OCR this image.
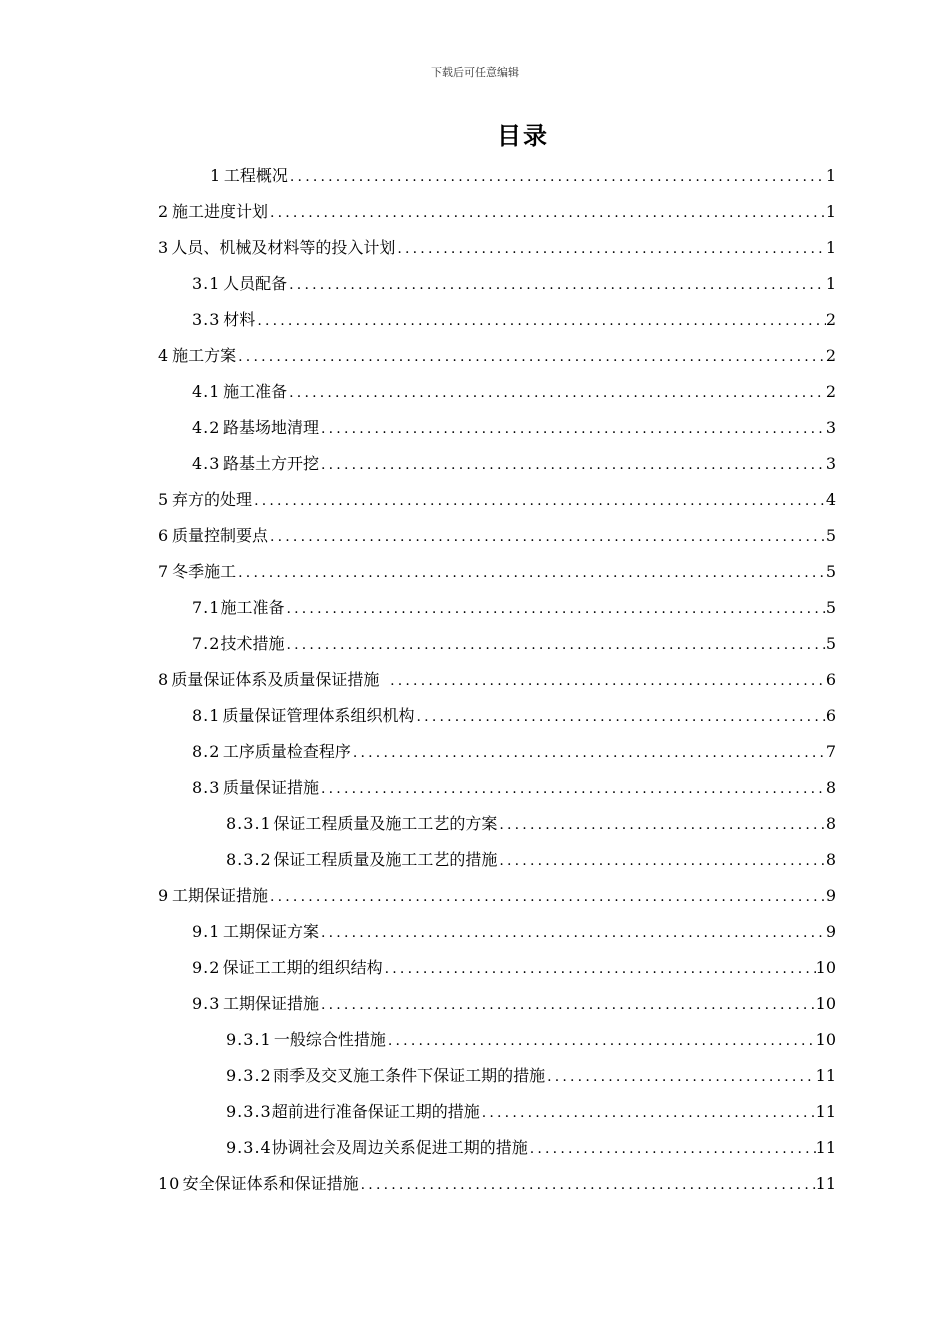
下载后可任意编辑
目录
1 工程概况 .....	1
2 施工进度计划 .....	1
3 人员、机械及材料等的投入计划 .....	1
3.1 人员配备 .....	1
3.3 材料 .....	2
4 施工方案 .....	2
4.1 施工准备 .....	2
4.2 路基场地清理 .....	3
4.3 路基土方开挖 .....	3
5 弃方的处理 .....	4
6 质量控制要点 .....	5
7 冬季施工 .....	5
7.1 施工准备 .....	5
7.2 技术措施 .....	5
8 质量保证体系及质量保证措施 .....	6
8.1 质量保证管理体系组织机构 .....	6
8.2 工序质量检查程序 .....	7
8.3 质量保证措施 .....	8
8.3.1 保证工程质量及施工工艺的方案 .....	8
8.3.2 保证工程质量及施工工艺的措施 .....	8
9 工期保证措施 .....	9
9.1 工期保证方案 .....	9
9.2 保证工工期的组织结构 .....	10
9.3 工期保证措施 .....	10
9.3.1 一般综合性措施 .....	10
9.3.2 雨季及交叉施工条件下保证工期的措施 .....	11
9.3.3 超前进行准备保证工期的措施 .....	11
9.3.4 协调社会及周边关系促进工期的措施 .....	11
10 安全保证体系和保证措施 .....	11
